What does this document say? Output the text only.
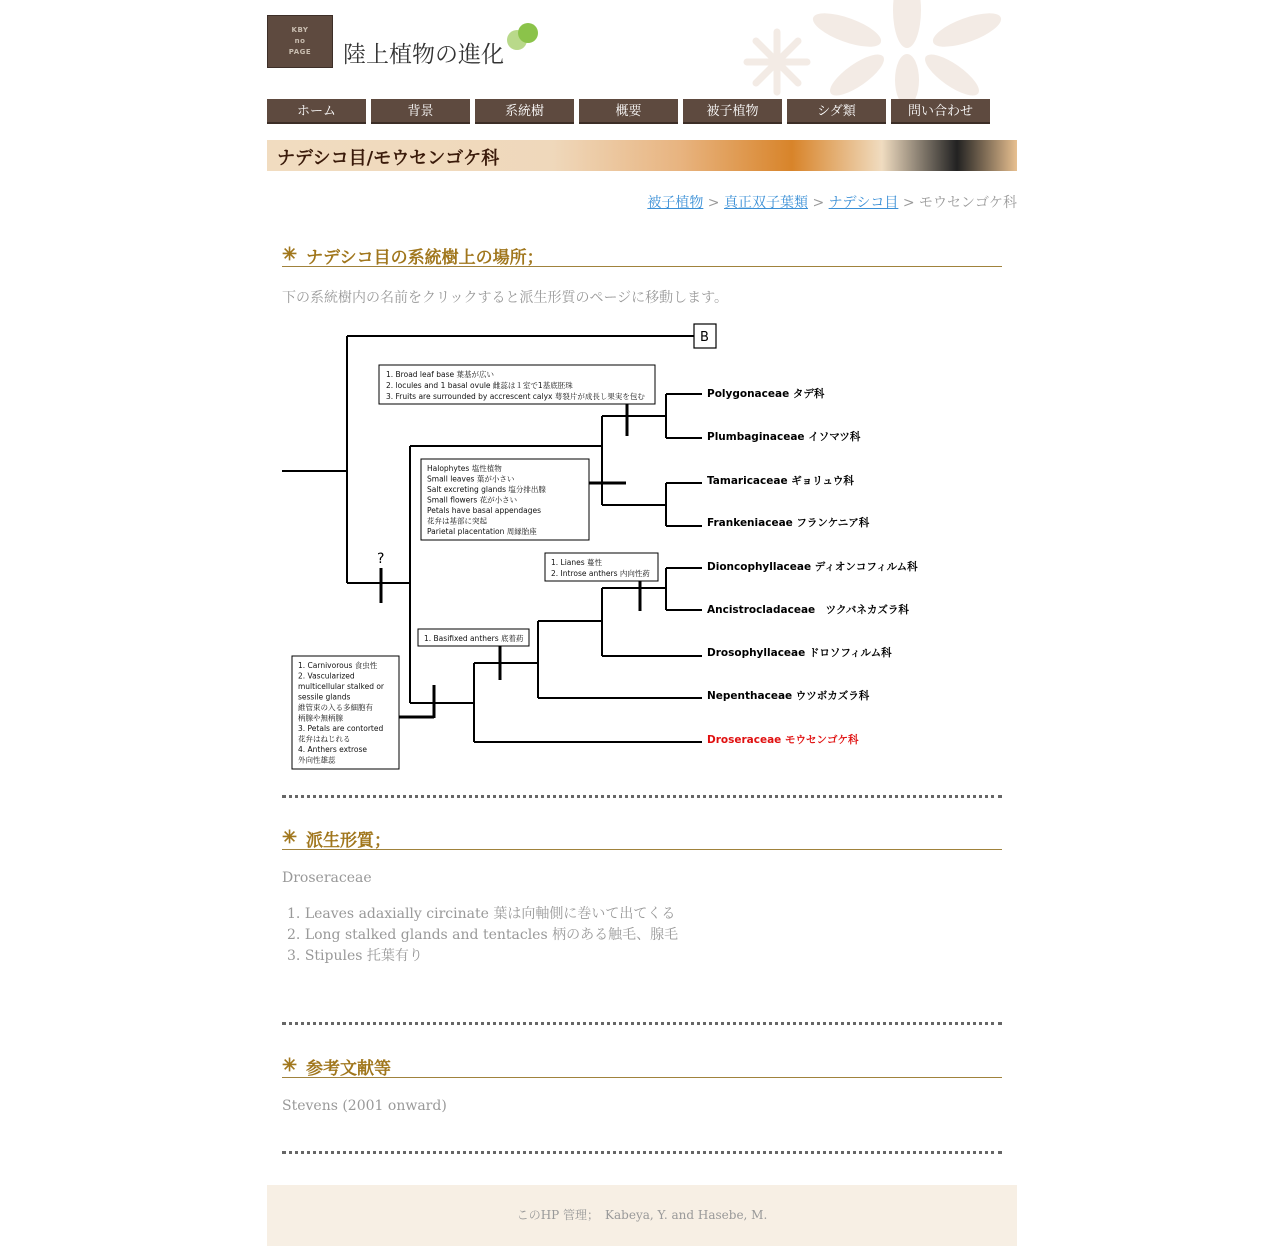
KBY
no
PAGE 陸上植物の進化
ホーム	背景	系統樹	概要	被子植物	シダ類	問い合わせ
ナデシコ目/モウセンゴケ科
被子植物 > 真正双子葉類 > ナデシコ目 > モウセンゴケ科
✳ ナデシコ目の系統樹上の場所；
下の系統樹内の名前をクリックすると派生形質のページに移動します。
B
?
Polygonaceae タデ科
Plumbaginaceae イソマツ科
Tamaricaceae ギョリュウ科
Frankeniaceae フランケニア科
Dioncophyllaceae ディオンコフィルム科
Ancistrocladaceae　ツクバネカズラ科
Drosophyllaceae ドロソフィルム科
Nepenthaceae ウツボカズラ科
Droseraceae モウセンゴケ科
1. Broad leaf base 葉基が広い
2. locules and 1 basal ovule 雌蕊は１室で1基底胚珠
3. Fruits are surrounded by accrescent calyx 萼裂片が成長し果実を包む
Halophytes 塩性植物
Small leaves 葉が小さい
Salt excreting glands 塩分排出腺
Small flowers 花が小さい
Petals have basal appendages
花弁は基部に突起
Parietal placentation 周縁胎座
1. Lianes 蔓性
2. Introse anthers 内向性葯
1. Basifixed anthers 底着葯
1. Carnivorous 食虫性
2. Vascularized
multicellular stalked or
sessile glands
維管束の入る多細胞有
柄腺や無柄腺
3. Petals are contorted
花弁はねじれる
4. Anthers extrose
外向性雄蕊
✳ 派生形質；
Droseraceae
1. Leaves adaxially circinate 葉は向軸側に巻いて出てくる
2. Long stalked glands and tentacles 柄のある触毛、腺毛
3. Stipules 托葉有り
✳ 参考文献等
Stevens (2001 onward)
このHP 管理；　Kabeya, Y. and Hasebe, M.
